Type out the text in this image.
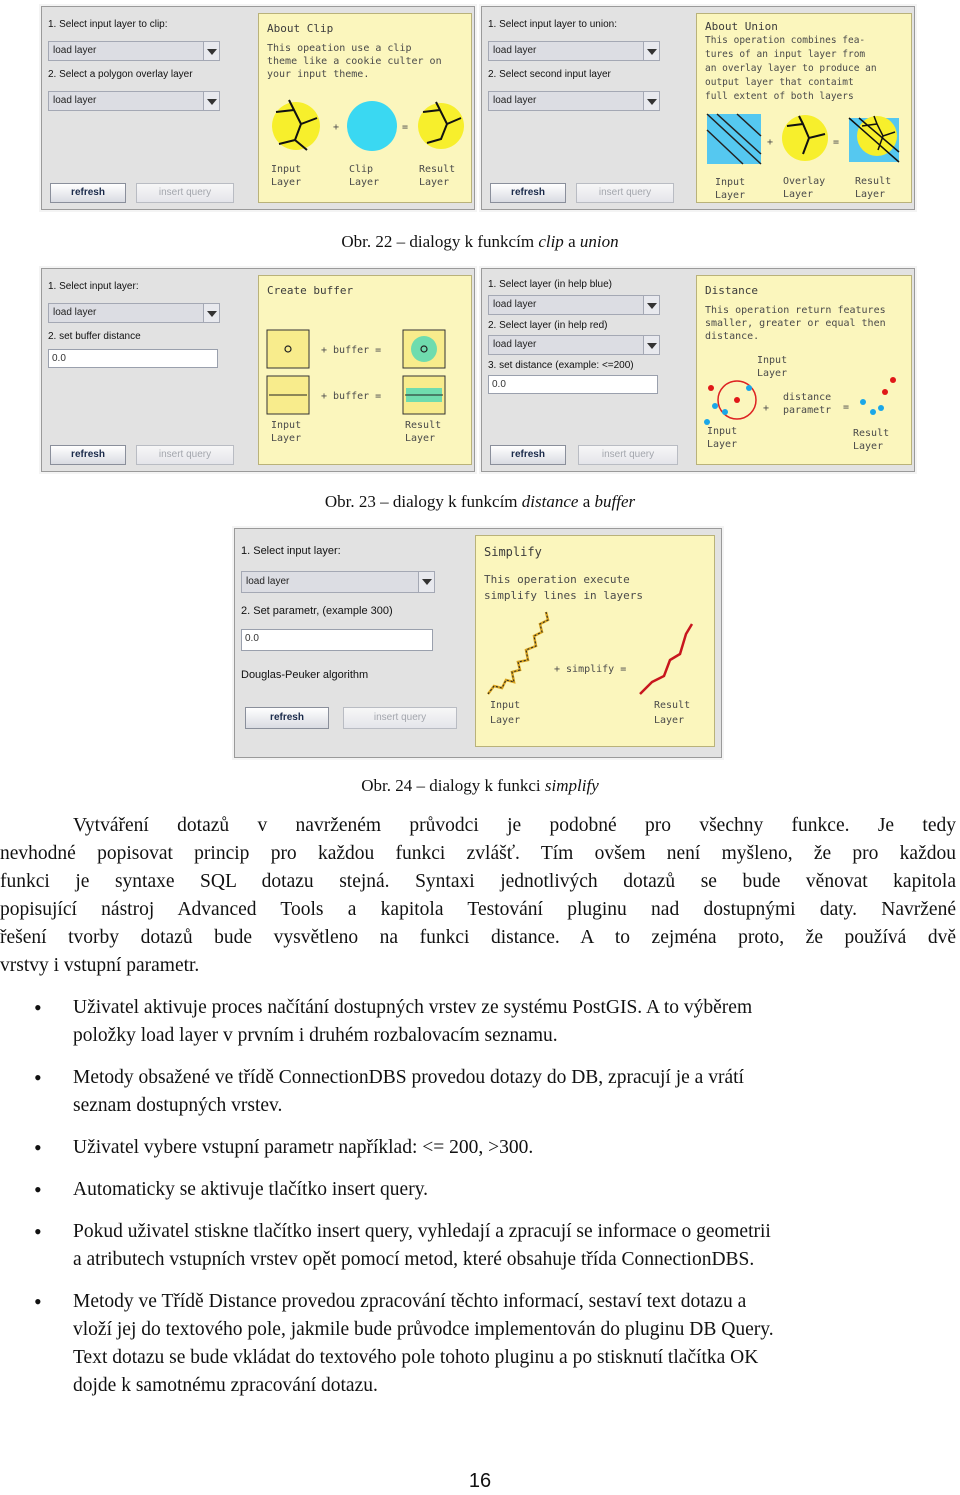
1. Select input layer to clip:
load layer
2. Select a polygon overlay layer
load layer
refresh	insert query
About Clip
This opeation use a clip theme like a cookie culter on your input theme.
+	=
Input
Layer
Clip
Layer
Result
Layer
1. Select input layer to union:
load layer
2. Select second input layer
load layer
refresh	insert query
About Union
This operation combines fea-
tures of an input layer from
an overlay layer to produce an
output layer that contaimt
full extent of both layers
+	=
Input
Layer
Overlay
Layer
Result
Layer
Obr. 22 – dialogy k funkcím clip a union
1. Select input layer:
load layer
2. set buffer distance
0.0
refresh	insert query
Create buffer
+ buffer =
+ buffer =
Input
Layer
Result
Layer
1. Select layer (in help blue)
load layer
2. Select layer (in help red)
load layer
3. set distance (example: <=200)
0.0
refresh	insert query
Distance
This operation return features smaller, greater or equal then distance.
Input
Layer
+
distance
parametr =
Input
Layer
Result
Layer
Obr. 23 – dialogy k funkcím distance a buffer
1. Select input layer:
load layer
2. Set parametr, (example 300)
0.0
Douglas-Peuker algorithm
refresh	insert query
Simplify
This operation execute simplify lines in layers
+ simplify =
Input
Layer
Result
Layer
Obr. 24 – dialogy k funkci simplify
Vytváření dotazů v navrženém průvodci je podobné pro všechny funkce. Je tedy
nevhodné popisovat princip pro každou funkci zvlášť. Tím ovšem není myšleno, že pro každou
funkci je syntaxe SQL dotazu stejná. Syntaxi jednotlivých dotazů se bude věnovat kapitola
popisující nástroj Advanced Tools a kapitola Testování pluginu nad dostupnými daty. Navržené
řešení tvorby dotazů bude vysvětleno na funkci distance. A to zejména proto, že používá dvě
vrstvy i vstupní parametr.
• Uživatel aktivuje proces načítání dostupných vrstev ze systému PostGIS. A to výběrem
položky load layer v prvním i druhém rozbalovacím seznamu.
• Metody obsažené ve třídě ConnectionDBS provedou dotazy do DB, zpracují je a vrátí
seznam dostupných vrstev.
• Uživatel vybere vstupní parametr například: <= 200, >300.
• Automaticky se aktivuje tlačítko insert query.
• Pokud uživatel stiskne tlačítko insert query, vyhledají a zpracují se informace o geometrii
a atributech vstupních vrstev opět pomocí metod, které obsahuje třída ConnectionDBS.
• Metody ve Třídě Distance provedou zpracování těchto informací, sestaví text dotazu a
vloží jej do textového pole, jakmile bude průvodce implementován do pluginu DB Query.
Text dotazu se bude vkládat do textového pole tohoto pluginu a po stisknutí tlačítka OK
dojde k samotnému zpracování dotazu.
16
